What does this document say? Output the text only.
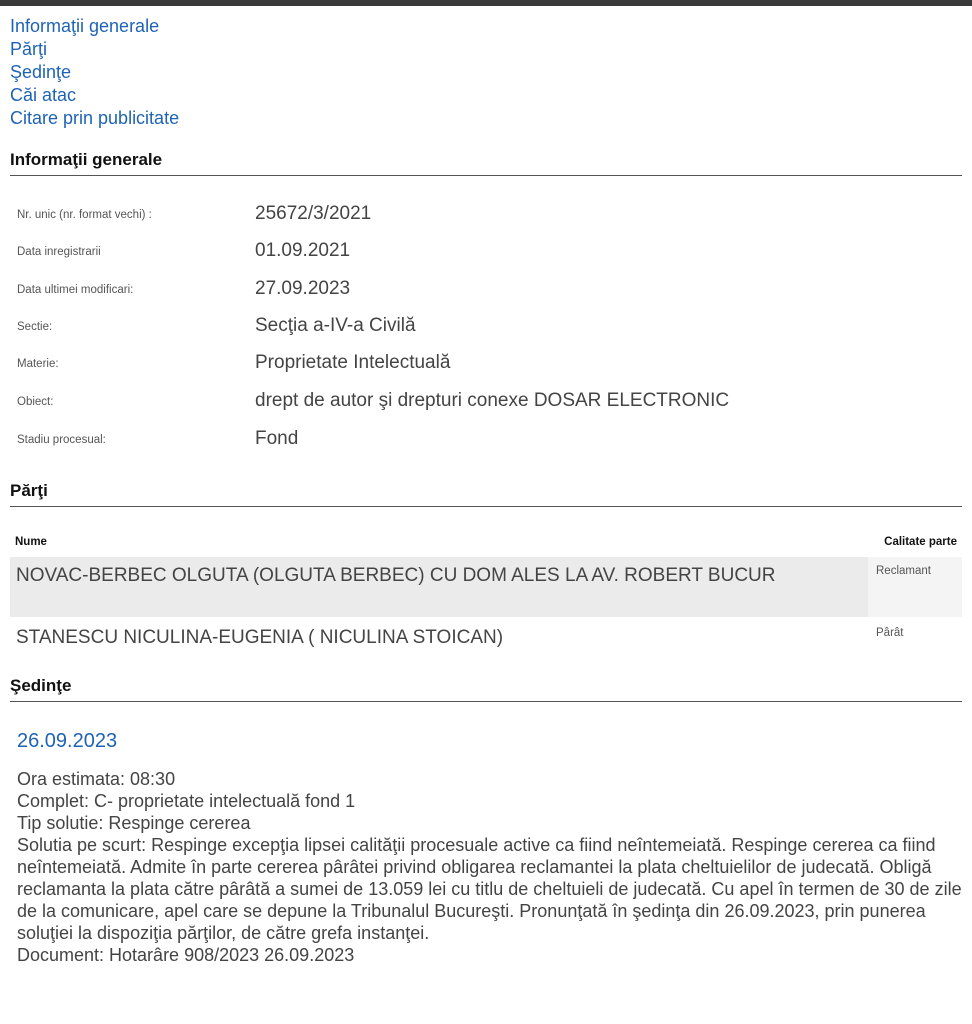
Informaţii generale
Părţi
Şedinţe
Căi atac
Citare prin publicitate
Informaţii generale
Nr. unic (nr. format vechi) :	25672/3/2021
Data inregistrarii	01.09.2021
Data ultimei modificari:	27.09.2023
Sectie:	Secţia a-IV-a Civilă
Materie:	Proprietate Intelectuală
Obiect:	drept de autor şi drepturi conexe DOSAR ELECTRONIC
Stadiu procesual:	Fond
Părţi
Nume	Calitate parte
NOVAC-BERBEC OLGUTA (OLGUTA BERBEC) CU DOM ALES LA AV. ROBERT BUCUR	Reclamant
STANESCU NICULINA-EUGENIA ( NICULINA STOICAN)	Pârât
Şedinţe
26.09.2023
Ora estimata: 08:30
Complet: C- proprietate intelectuală fond 1
Tip solutie: Respinge cererea
Solutia pe scurt: Respinge excepţia lipsei calităţii procesuale active ca fiind neîntemeiată. Respinge cererea ca fiind neîntemeiată. Admite în parte cererea pârâtei privind obligarea reclamantei la plata cheltuielilor de judecată. Obligă reclamanta la plata către pârâtă a sumei de 13.059 lei cu titlu de cheltuieli de judecată. Cu apel în termen de 30 de zile de la comunicare, apel care se depune la Tribunalul Bucureşti. Pronunţată în şedinţa din 26.09.2023, prin punerea soluţiei la dispoziţia părţilor, de către grefa instanţei.
Document: Hotarâre 908/2023 26.09.2023
